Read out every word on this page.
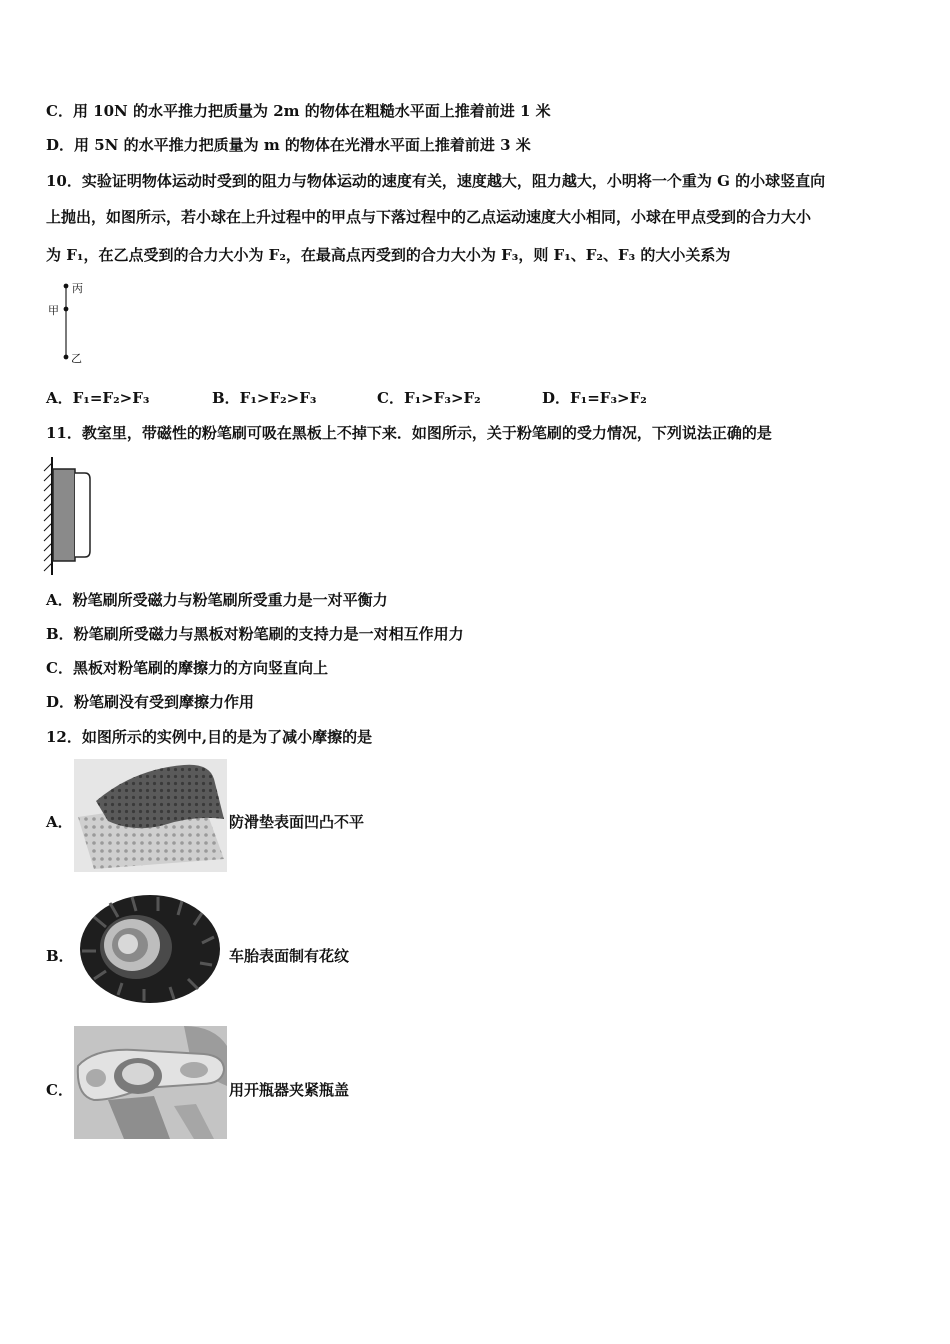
C．用 10N 的水平推力把质量为 2m 的物体在粗糙水平面上推着前进 1 米
D．用 5N 的水平推力把质量为 m 的物体在光滑水平面上推着前进 3 米
10．实验证明物体运动时受到的阻力与物体运动的速度有关，速度越大，阻力越大，小明将一个重为 G 的小球竖直向
上抛出，如图所示，若小球在上升过程中的甲点与下落过程中的乙点运动速度大小相同，小球在甲点受到的合力大小
为 F₁，在乙点受到的合力大小为 F₂，在最高点丙受到的合力大小为 F₃，则 F₁、F₂、F₃ 的大小关系为
丙
甲
乙
A．F₁=F₂>F₃	B．F₁>F₂>F₃	C．F₁>F₃>F₂	D．F₁=F₃>F₂
11．教室里，带磁性的粉笔刷可吸在黑板上不掉下来．如图所示，关于粉笔刷的受力情况，下列说法正确的是
A．粉笔刷所受磁力与粉笔刷所受重力是一对平衡力
B．粉笔刷所受磁力与黑板对粉笔刷的支持力是一对相互作用力
C．黑板对粉笔刷的摩擦力的方向竖直向上
D．粉笔刷没有受到摩擦力作用
12．如图所示的实例中,目的是为了减小摩擦的是
A．	防滑垫表面凹凸不平
B．	车胎表面制有花纹
C．	用开瓶器夹紧瓶盖
